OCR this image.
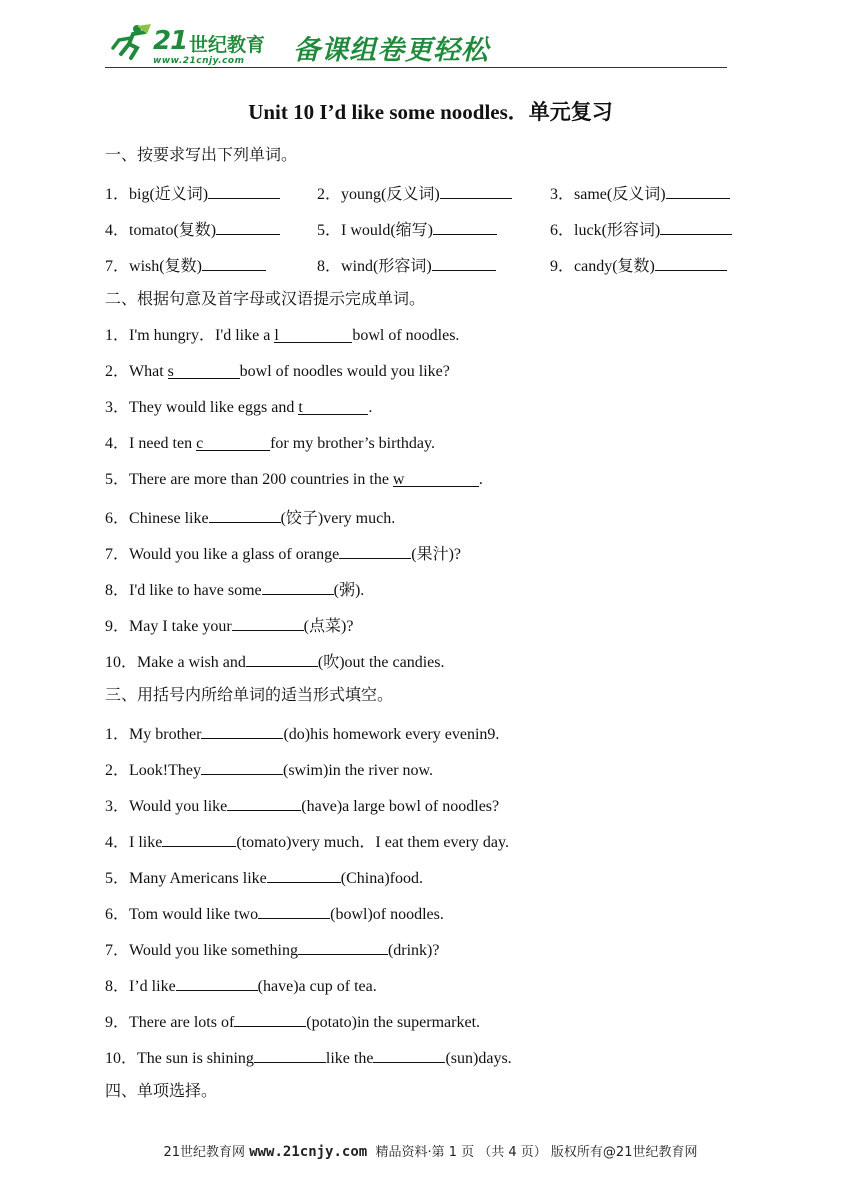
21 世纪教育
www.21cnjy.com 备课组卷更轻松
Unit 10 I’d like some noodles．单元复习
一、按要求写出下列单词。
1．big(近义词)	2．young(反义词)	3．same(反义词)
4．tomato(复数)	5．I would(缩写)	6．luck(形容词)
7．wish(复数)	8．wind(形容词)	9．candy(复数)
二、根据句意及首字母或汉语提示完成单词。
1．I'm hungry．I'd like a l	bowl of noodles.
2．What s	bowl of noodles would you like?
3．They would like eggs and t	.
4．I need ten c	for my brother’s birthday.
5．There are more than 200 countries in the w	.
6．Chinese like	(饺子)very much.
7．Would you like a glass of orange	(果汁)?
8．I'd like to have some	(粥).
9．May I take your	(点菜)?
10．Make a wish and	(吹)out the candies.
三、用括号内所给单词的适当形式填空。
1．My brother	(do)his homework every evenin9.
2．Look!They	(swim)in the river now.
3．Would you like	(have)a large bowl of noodles?
4．I like	(tomato)very much．I eat them every day.
5．Many Americans like	(China)food.
6．Tom would like two	(bowl)of noodles.
7．Would you like something	(drink)?
8．I’d like	(have)a cup of tea.
9．There are lots of	(potato)in the supermarket.
10．The sun is shining	like the	(sun)days.
四、单项选择。
21世纪教育网 www.21cnjy.com  精品资料·第 1 页 （共 4 页） 版权所有@21世纪教育网
